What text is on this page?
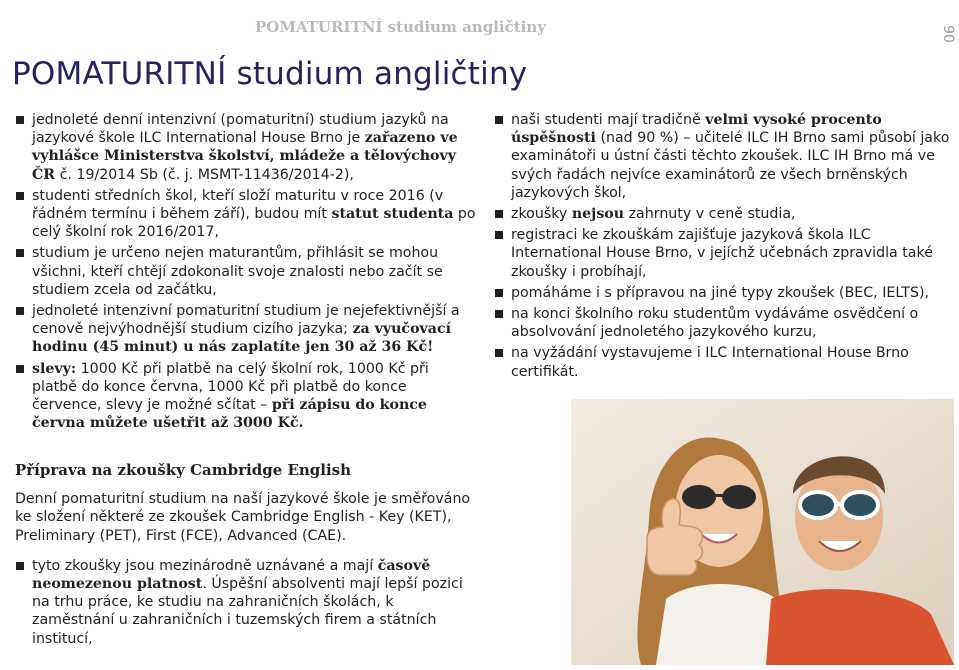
POMATURITNÍ studium angličtiny	90
POMATURITNÍ studium angličtiny
jednoleté denní intenzivní (pomaturitní) studium jazyků na jazykové škole ILC International House Brno je zařazeno ve vyhlášce Ministerstva školství, mládeže a tělovýchovy ČR č. 19/2014 Sb (č. j. MSMT-11436/2014-2),
studenti středních škol, kteří složí maturitu v roce 2016 (v řádném termínu i během září), budou mít statut studenta po celý školní rok 2016/2017,
studium je určeno nejen maturantům, přihlásit se mohou všichni, kteří chtějí zdokonalit svoje znalosti nebo začít se studiem zcela od začátku,
jednoleté intenzivní pomaturitní studium je nejefektivnější a cenově nejvýhodnější studium cizího jazyka; za vyučovací hodinu (45 minut) u nás zaplatíte jen 30 až 36 Kč!
slevy: 1000 Kč při platbě na celý školní rok, 1000 Kč při platbě do konce června, 1000 Kč při platbě do konce července, slevy je možné sčítat – při zápisu do konce června můžete ušetřit až 3000 Kč.
naši studenti mají tradičně velmi vysoké procento úspěšnosti (nad 90 %) – učitelé ILC IH Brno sami působí jako examinátoři u ústní části těchto zkoušek. ILC IH Brno má ve svých řadách nejvíce examinátorů ze všech brněnských jazykových škol,
zkoušky nejsou zahrnuty v ceně studia,
registraci ke zkouškám zajišťuje jazyková škola ILC International House Brno, v jejíchž učebnách zpravidla také zkoušky i probíhají,
pomáháme i s přípravou na jiné typy zkoušek (BEC, IELTS),
na konci školního roku studentům vydáváme osvědčení o absolvování jednoletého jazykového kurzu,
na vyžádání vystavujeme i ILC International House Brno certifikát.
Příprava na zkoušky Cambridge English

Denní pomaturitní studium na naší jazykové škole je směřováno ke složení některé ze zkoušek Cambridge English - Key (KET), Preliminary (PET), First (FCE), Advanced (CAE).

tyto zkoušky jsou mezinárodně uznávané a mají časově neomezenou platnost. Úspěšní absolventi mají lepší pozici na trhu práce, ke studiu na zahraničních školách, k zaměstnání u zahraničních i tuzemských firem a státních institucí,
